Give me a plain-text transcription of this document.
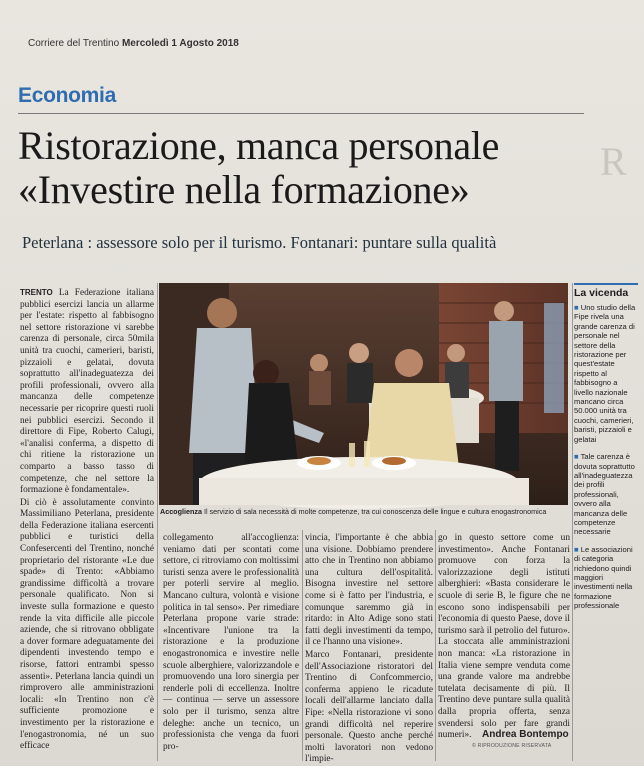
Corriere del Trentino Mercoledì 1 Agosto 2018
Economia
Ristorazione, manca personale
«Investire nella formazione»
R
Peterlana : assessore solo per il turismo. Fontanari: puntare sulla qualità

TRENTO La Federazione italiana pubblici esercizi lancia un allarme per l'estate: rispetto al fabbisogno nel settore ristorazione vi sarebbe carenza di personale, circa 50mila unità tra cuochi, camerieri, baristi, pizzaioli e gelatai, dovuta soprattutto all'inadeguatezza dei profili professionali, ovvero alla mancanza delle competenze necessarie per ricoprire questi ruoli nei pubblici esercizi. Secondo il direttore di Fipe, Roberto Calugi, «l'analisi conferma, a dispetto di chi ritiene la ristorazione un comparto a basso tasso di competenze, che nel settore la formazione è fondamentale».

Di ciò è assolutamente convinto Massimiliano Peterlana, presidente della Federazione italiana esercenti pubblici e turistici della Confesercenti del Trentino, nonché proprietario del ristorante «Le due spade» di Trento: «Abbiamo grandissime difficoltà a trovare personale qualificato. Non si investe sulla formazione e questo rende la vita difficile alle piccole aziende, che si ritrovano obbligate a dover formare adeguatamente dei dipendenti investendo tempo e risorse, fattori entrambi spesso assenti». Peterlana lancia quindi un rimprovero alle amministrazioni locali: «In Trentino non c'è sufficiente promozione e investimento per la ristorazione e l'enogastronomia, né un suo efficace

Accoglienza Il servizio di sala necessità di molte competenze, tra cui conoscenza delle lingue e cultura enogastronomica

collegamento all'accoglienza: veniamo dati per scontati come settore, ci ritroviamo con moltissimi turisti senza avere le professionalità per poterli servire al meglio. Mancano cultura, volontà e visione politica in tal senso». Per rimediare Peterlana propone varie strade: «Incentivare l'unione tra la ristorazione e la produzione enogastronomica e investire nelle scuole alberghiere, valorizzandole e promuovendo una loro sinergia per renderle poli di eccellenza. Inoltre — continua — serve un assessore solo per il turismo, senza altre deleghe: anche un tecnico, un professionista che venga da fuori pro-

vincia, l'importante è che abbia una visione. Dobbiamo prendere atto che in Trentino non abbiamo una cultura dell'ospitalità. Bisogna investire nel settore come si è fatto per l'industria, e comunque saremmo già in ritardo: in Alto Adige sono stati fatti degli investimenti da tempo, il ce l'hanno una visione».

Marco Fontanari, presidente dell'Associazione ristoratori del Trentino di Confcommercio, conferma appieno le ricadute locali dell'allarme lanciato dalla Fipe: «Nella ristorazione vi sono grandi difficoltà nel reperire personale. Questo anche perché molti lavoratori non vedono l'impie-

go in questo settore come un investimento». Anche Fontanari promuove con forza la valorizzazione degli istituti alberghieri: «Basta considerare le scuole di serie B, le figure che ne escono sono indispensabili per l'economia di questo Paese, dove il turismo sarà il petrolio del futuro». La stoccata alle amministrazioni non manca: «La ristorazione in Italia viene sempre venduta come una grande valore ma andrebbe tutelata decisamente di più. Il Trentino deve puntare sulla qualità dalla propria offerta, senza svendersi solo per fare grandi numeri».	Andrea Bontempo
© RIPRODUZIONE RISERVATA
La vicenda
■ Uno studio della Fipe rivela una grande carenza di personale nel settore della ristorazione per quest'estate rispetto al fabbisogno a livello nazionale mancano circa 50.000 unità tra cuochi, camerieri, baristi, pizzaioli e gelatai
■ Tale carenza è dovuta soprattutto all'inadeguatezza dei profili professionali, ovvero alla mancanza delle competenze necessarie
■ Le associazioni di categoria richiedono quindi maggiori investimenti nella formazione professionale
